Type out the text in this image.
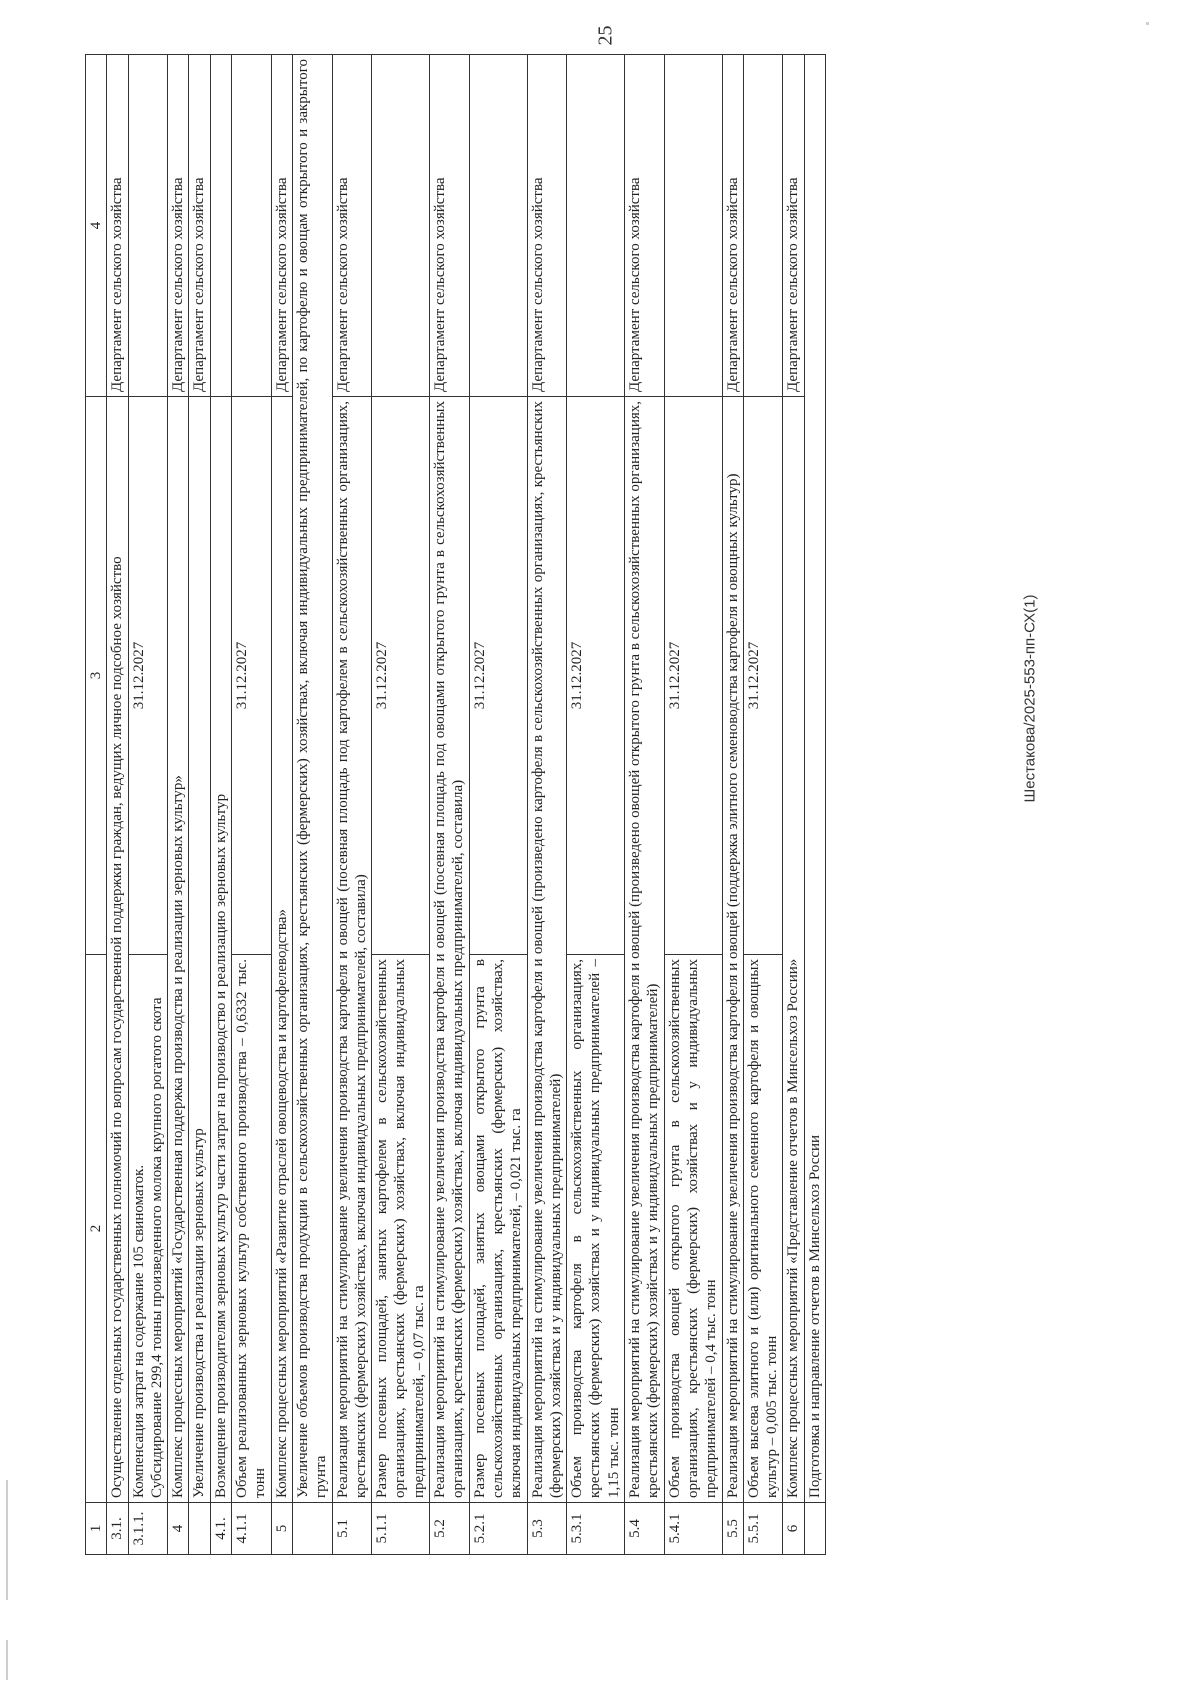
25
Шестакова/2025-553-пп-СХ(1)
1	2	3	4
3.1.	Осуществление отдельных государственных полномочий по вопросам государственной поддержки граждан, ведущих личное подсобное хозяйство		Департамент сельского хозяйства
3.1.1.	Компенсация затрат на содержание 105 свиноматок.
Субсидирование 299,4 тонны произведенного молока крупного рогатого скота	31.12.2027	
4	Комплекс процессных мероприятий «Государственная поддержка производства и реализации зерновых культур»		Департамент сельского хозяйства
	Увеличение производства и реализации зерновых культур		Департамент сельского хозяйства
4.1.	Возмещение производителям зерновых культур части затрат на производство и реализацию зерновых культур		
4.1.1	Объем реализованных зерновых культур собственного производства – 0,6332 тыс. тонн	31.12.2027	
5	Комплекс процессных мероприятий «Развитие отраслей овощеводства и картофелеводства»		Департамент сельского хозяйства
	Увеличение объемов производства продукции в сельскохозяйственных организациях, крестьянских (фермерских) хозяйствах, включая индивидуальных предпринимателей, по картофелю и овощам открытого и закрытого грунта		
5.1	Реализация мероприятий на стимулирование увеличения производства картофеля и овощей (посевная площадь под картофелем в сельскохозяйственных организациях, крестьянских (фермерских) хозяйствах, включая индивидуальных предпринимателей, составила)		Департамент сельского хозяйства
5.1.1	Размер посевных площадей, занятых картофелем в сельскохозяйственных организациях, крестьянских (фермерских) хозяйствах, включая индивидуальных предпринимателей, – 0,07 тыс. га	31.12.2027	
5.2	Реализация мероприятий на стимулирование увеличения производства картофеля и овощей (посевная площадь под овощами открытого грунта в сельскохозяйственных организациях, крестьянских (фермерских) хозяйствах, включая индивидуальных предпринимателей, составила)		Департамент сельского хозяйства
5.2.1	Размер посевных площадей, занятых овощами открытого грунта в сельскохозяйственных организациях, крестьянских (фермерских) хозяйствах, включая индивидуальных предпринимателей, – 0,021 тыс. га	31.12.2027	
5.3	Реализация мероприятий на стимулирование увеличения производства картофеля и овощей (произведено картофеля в сельскохозяйственных организациях, крестьянских (фермерских) хозяйствах и у индивидуальных предпринимателей)		Департамент сельского хозяйства
5.3.1	Объем производства картофеля в сельскохозяйственных организациях, крестьянских (фермерских) хозяйствах и у индивидуальных предпринимателей – 1,15 тыс. тонн	31.12.2027	
5.4	Реализация мероприятий на стимулирование увеличения производства картофеля и овощей (произведено овощей открытого грунта в сельскохозяйственных организациях, крестьянских (фермерских) хозяйствах и у индивидуальных предпринимателей)		Департамент сельского хозяйства
5.4.1	Объем производства овощей открытого грунта в сельскохозяйственных организациях, крестьянских (фермерских) хозяйствах и у индивидуальных предпринимателей – 0,4 тыс. тонн	31.12.2027	
5.5	Реализация мероприятий на стимулирование увеличения производства картофеля и овощей (поддержка элитного семеноводства картофеля и овощных культур)		Департамент сельского хозяйства
5.5.1	Объем высева элитного и (или) оригинального семенного картофеля и овощных культур – 0,005 тыс. тонн	31.12.2027	
6	Комплекс процессных мероприятий «Представление отчетов в Минсельхоз России»		Департамент сельского хозяйства
	Подготовка и направление отчетов в Минсельхоз России		
